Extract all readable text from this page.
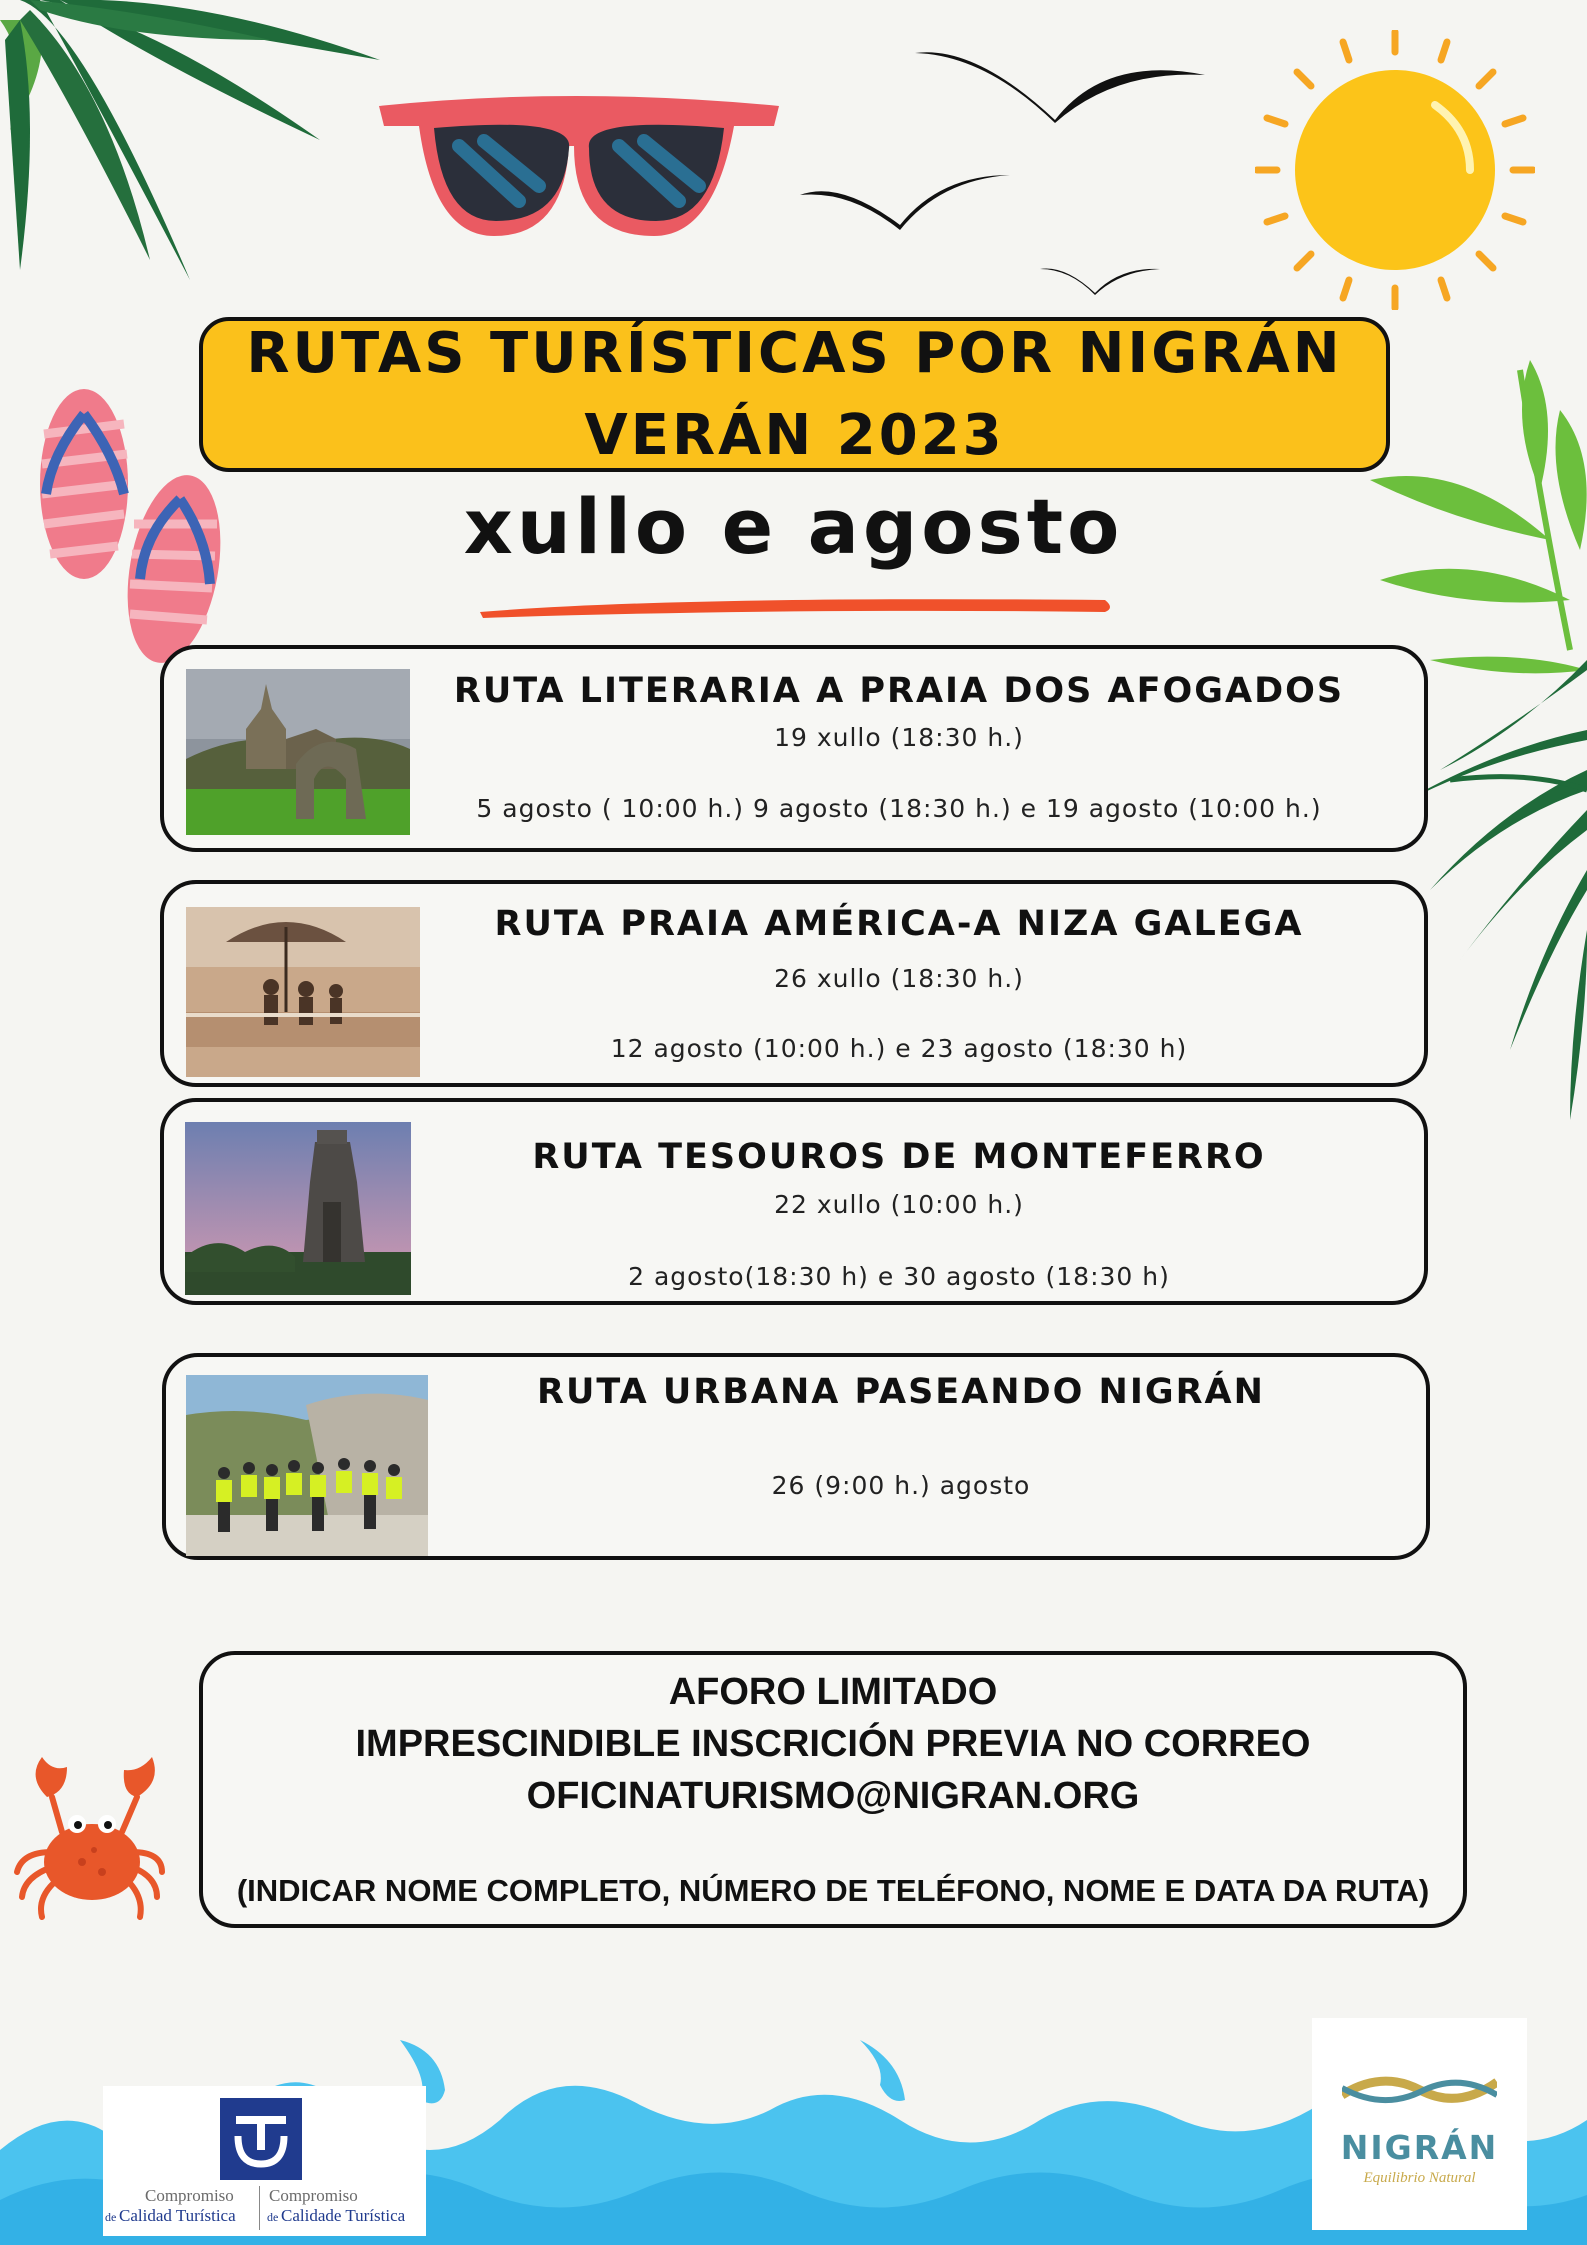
RUTAS TURÍSTICAS POR NIGRÁN
VERÁN 2023
xullo e agosto
RUTA LITERARIA A PRAIA DOS AFOGADOS
19 xullo (18:30 h.)
5 agosto ( 10:00 h.) 9 agosto (18:30 h.) e 19 agosto (10:00 h.)
RUTA PRAIA AMÉRICA-A NIZA GALEGA
26 xullo (18:30 h.)
12 agosto (10:00 h.) e 23 agosto (18:30 h)
RUTA TESOUROS DE MONTEFERRO
22 xullo (10:00 h.)
2 agosto(18:30 h) e 30 agosto (18:30 h)
RUTA URBANA PASEANDO NIGRÁN
26 (9:00 h.) agosto
AFORO LIMITADO
IMPRESCINDIBLE INSCRICIÓN PREVIA NO CORREO
OFICINATURISMO@NIGRAN.ORG
(INDICAR NOME COMPLETO, NÚMERO DE TELÉFONO, NOME E DATA DA RUTA)
Compromiso Compromiso
de Calidad Turística	de Calidade Turística
NIGRÁN
Equilibrio Natural
